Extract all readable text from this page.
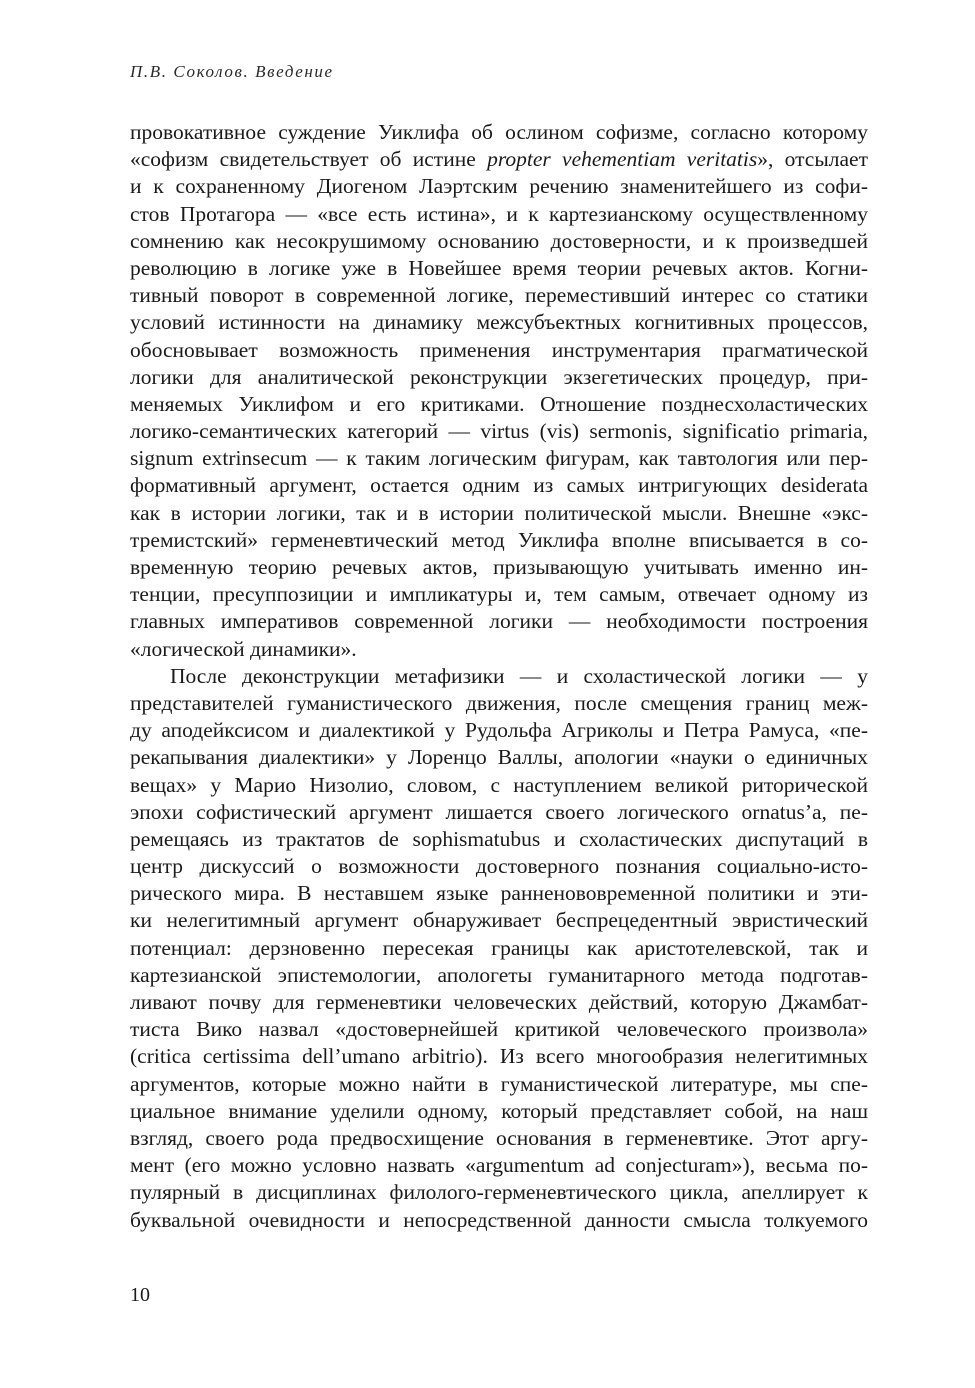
П.В. Соколов. Введение
провокативное суждение Уиклифа об ослином софизме, согласно которому
«софизм свидетельствует об истине propter vehementiam veritatis», отсылает
и к сохраненному Диогеном Лаэртским речению знаменитейшего из софи-
стов Протагора — «все есть истина», и к картезианскому осуществленному
сомнению как несокрушимому основанию достоверности, и к произведшей
революцию в логике уже в Новейшее время теории речевых актов. Когни-
тивный поворот в современной логике, переместивший интерес со статики
условий истинности на динамику межсубъектных когнитивных процессов,
обосновывает возможность применения инструментария прагматической
логики для аналитической реконструкции экзегетических процедур, при-
меняемых Уиклифом и его критиками. Отношение позднесхоластических
логико-семантических категорий — virtus (vis) sermonis, significatio primaria,
signum extrinsecum — к таким логическим фигурам, как тавтология или пер-
формативный аргумент, остается одним из самых интригующих desiderata
как в истории логики, так и в истории политической мысли. Внешне «экс-
тремистский» герменевтический метод Уиклифа вполне вписывается в со-
временную теорию речевых актов, призывающую учитывать именно ин-
тенции, пресуппозиции и импликатуры и, тем самым, отвечает одному из
главных императивов современной логики — необходимости построения
«логической динамики».
После деконструкции метафизики — и схоластической логики — у
представителей гуманистического движения, после смещения границ меж-
ду аподейксисом и диалектикой у Рудольфа Агриколы и Петра Рамуса, «пе-
рекапывания диалектики» у Лоренцо Валлы, апологии «науки о единичных
вещах» у Марио Низолио, словом, с наступлением великой риторической
эпохи софистический аргумент лишается своего логического ornatus’a, пе-
ремещаясь из трактатов de sophismatubus и схоластических диспутаций в
центр дискуссий о возможности достоверного познания социально-исто-
рического мира. В неставшем языке ранненововременной политики и эти-
ки нелегитимный аргумент обнаруживает беспрецедентный эвристический
потенциал: дерзновенно пересекая границы как аристотелевской, так и
картезианской эпистемологии, апологеты гуманитарного метода подготав-
ливают почву для герменевтики человеческих действий, которую Джамбат-
тиста Вико назвал «достовернейшей критикой человеческого произвола»
(critica certissima dell’umano arbitrio). Из всего многообразия нелегитимных
аргументов, которые можно найти в гуманистической литературе, мы спе-
циальное внимание уделили одному, который представляет собой, на наш
взгляд, своего рода предвосхищение основания в герменевтике. Этот аргу-
мент (его можно условно назвать «argumentum ad conjecturam»), весьма по-
пулярный в дисциплинах филолого-герменевтического цикла, апеллирует к
буквальной очевидности и непосредственной данности смысла толкуемого
10
